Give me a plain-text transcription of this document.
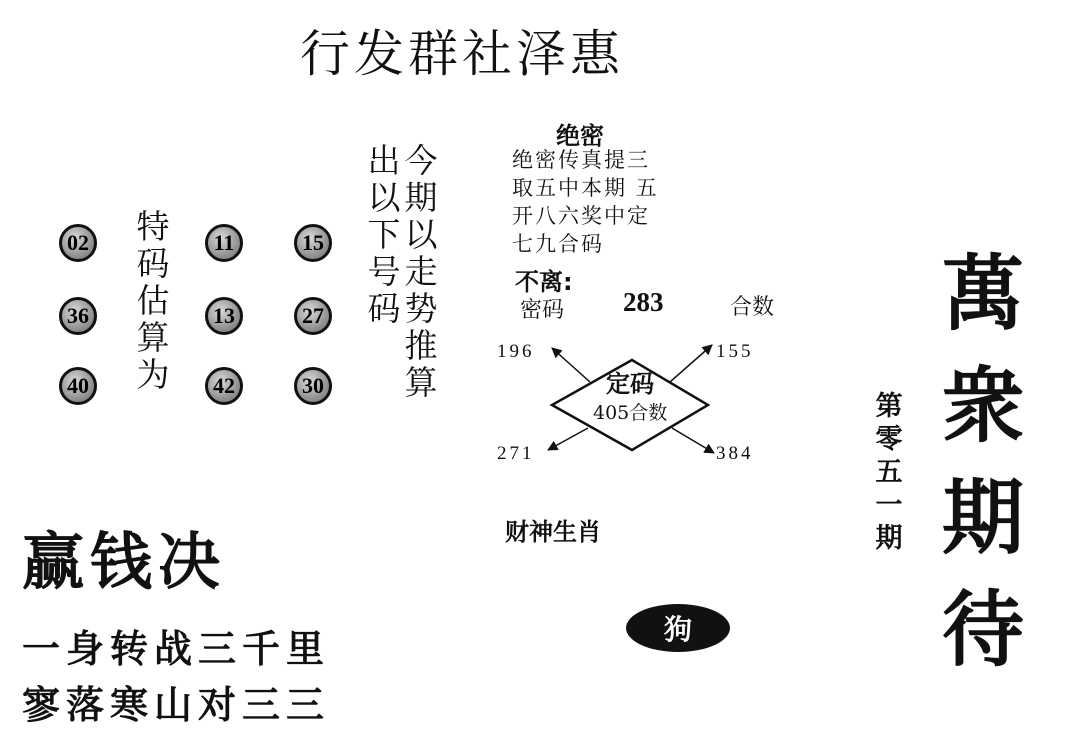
行发群社泽惠
02	11	15
36	13	27
40	42	30
特码估算为
今期以走势推算
出以下号码
绝密
绝密传真提三
取五中本期 五
开八六奖中定
七九合码
不离:
密码 283	合数
196	155
271	384
定码
405合数
财神生肖
狗
萬衆期待
第零五一期
赢钱决
一身转战三千里
寥落寒山对三三
